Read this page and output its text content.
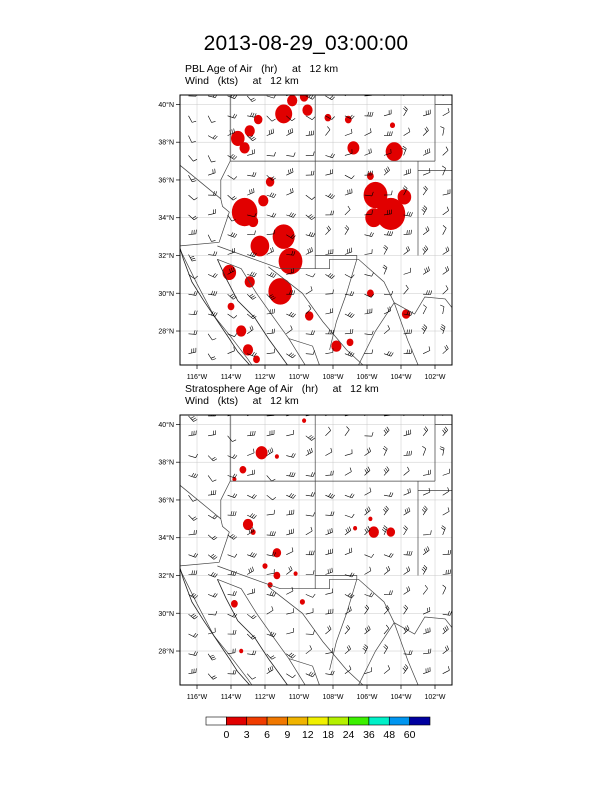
2013-08-29_03:00:00
PBL Age of Air   (hr)     at   12 km
Wind   (kts)     at   12 km
Stratosphere Age of Air   (hr)     at   12 km
Wind   (kts)     at   12 km
116°W 114°W 112°W 110°W 108°W 106°W 104°W 102°W
28°N
30°N
32°N
34°N
36°N
38°N
40°N
116°W 114°W 112°W 110°W 108°W 106°W 104°W 102°W
28°N
30°N
32°N
34°N
36°N
38°N
40°N
0 3 6 9 12 18 24 36 48 60
